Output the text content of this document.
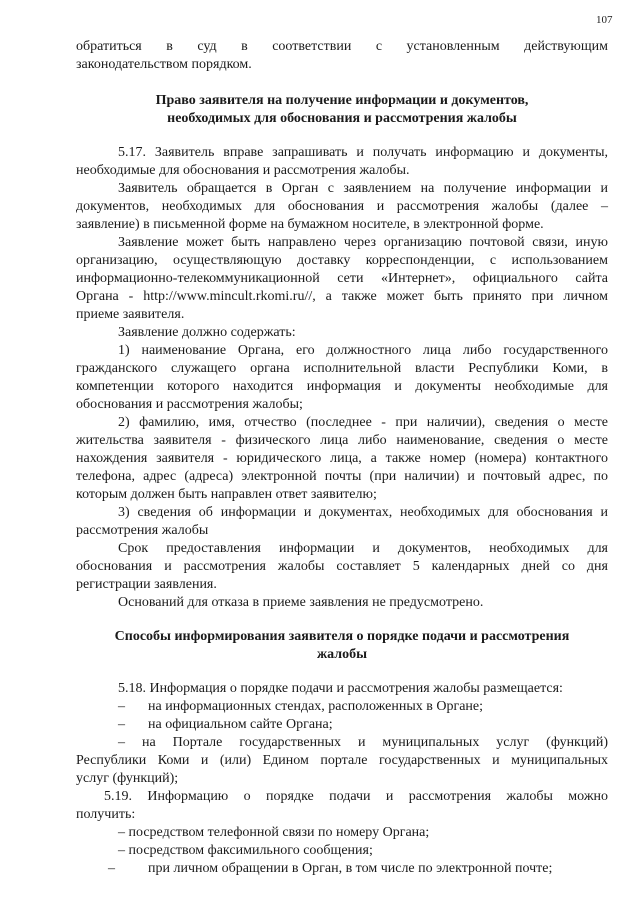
107
обратиться в суд в соответствии с установленным действующим
законодательством порядком.
Право заявителя на получение информации и документов,
необходимых для обоснования и рассмотрения жалобы
5.17. Заявитель вправе запрашивать и получать информацию и документы,
необходимые для обоснования и рассмотрения жалобы.
Заявитель обращается в Орган с заявлением на получение информации и
документов, необходимых для обоснования и рассмотрения жалобы (далее –
заявление) в письменной форме на бумажном носителе, в электронной форме.
Заявление может быть направлено через организацию почтовой связи, иную
организацию, осуществляющую доставку корреспонденции, с использованием
информационно-телекоммуникационной сети «Интернет», официального сайта
Органа - http://www.mincult.rkomi.ru//, а также может быть принято при личном
приеме заявителя.
Заявление должно содержать:
1) наименование Органа, его должностного лица либо государственного
гражданского служащего органа исполнительной власти Республики Коми, в
компетенции которого находится информация и документы необходимые для
обоснования и рассмотрения жалобы;
2) фамилию, имя, отчество (последнее - при наличии), сведения о месте
жительства заявителя - физического лица либо наименование, сведения о месте
нахождения заявителя - юридического лица, а также номер (номера) контактного
телефона, адрес (адреса) электронной почты (при наличии) и почтовый адрес, по
которым должен быть направлен ответ заявителю;
3) сведения об информации и документах, необходимых для обоснования и
рассмотрения жалобы
Срок предоставления информации и документов, необходимых для
обоснования и рассмотрения жалобы составляет 5 календарных дней со дня
регистрации заявления.
Оснований для отказа в приеме заявления не предусмотрено.
Способы информирования заявителя о порядке подачи и рассмотрения
жалобы
5.18. Информация о порядке подачи и рассмотрения жалобы размещается:
– на информационных стендах, расположенных в Органе;
– на официальном сайте Органа;
– на Портале государственных и муниципальных услуг (функций)
Республики Коми и (или) Едином портале государственных и муниципальных
услуг (функций);
5.19. Информацию о порядке подачи и рассмотрения жалобы можно
получить:
– посредством телефонной связи по номеру Органа;
– посредством факсимильного сообщения;
– при личном обращении в Орган, в том числе по электронной почте;
